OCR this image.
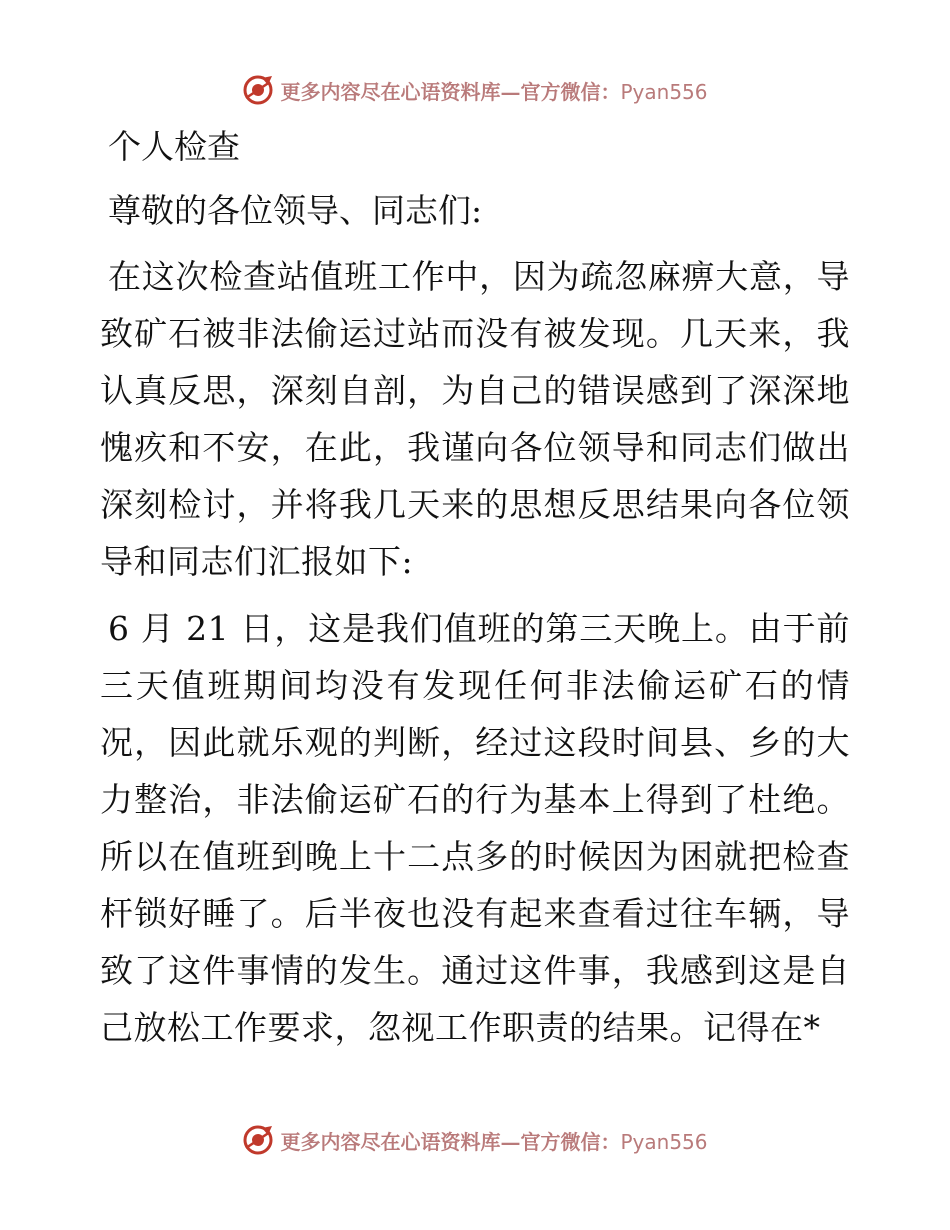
更多内容尽在心语资料库—官方微信：Pyan556
个人检查

尊敬的各位领导、同志们:

在这次检查站值班工作中，因为疏忽麻痹大意，导致矿石被非法偷运过站而没有被发现。几天来，我认真反思，深刻自剖，为自己的错误感到了深深地愧疚和不安，在此，我谨向各位领导和同志们做出深刻检讨，并将我几天来的思想反思结果向各位领导和同志们汇报如下:

6 月 21 日，这是我们值班的第三天晚上。由于前三天值班期间均没有发现任何非法偷运矿石的情况，因此就乐观的判断，经过这段时间县、乡的大力整治，非法偷运矿石的行为基本上得到了杜绝。所以在值班到晚上十二点多的时候因为困就把检查杆锁好睡了。后半夜也没有起来查看过往车辆，导致了这件事情的发生。通过这件事，我感到这是自己放松工作要求，忽视工作职责的结果。记得在*

更多内容尽在心语资料库—官方微信：Pyan556
